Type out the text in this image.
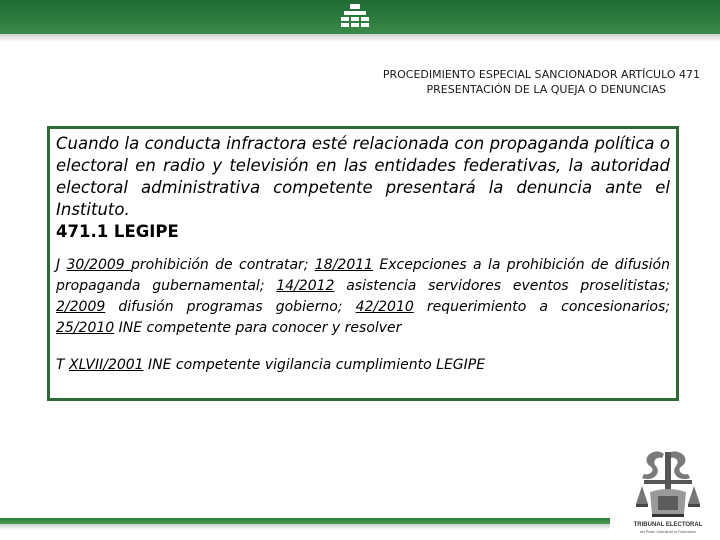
PROCEDIMIENTO ESPECIAL SANCIONADOR ARTÍCULO 471
PRESENTACIÓN DE LA QUEJA O DENUNCIAS

Cuando la conducta infractora esté relacionada con propaganda política o electoral en radio y televisión en las entidades federativas, la autoridad electoral administrativa competente presentará la denuncia ante el Instituto.

471.1 LEGIPE

J 30/2009 prohibición de contratar; 18/2011 Excepciones a la prohibición de difusión propaganda gubernamental; 14/2012 asistencia servidores eventos proselitistas; 2/2009 difusión programas gobierno; 42/2010 requerimiento a concesionarios; 25/2010 INE competente para conocer y resolver

T XLVII/2001 INE competente vigilancia cumplimiento LEGIPE

TRIBUNAL ELECTORAL
del Poder Judicial de la Federación
